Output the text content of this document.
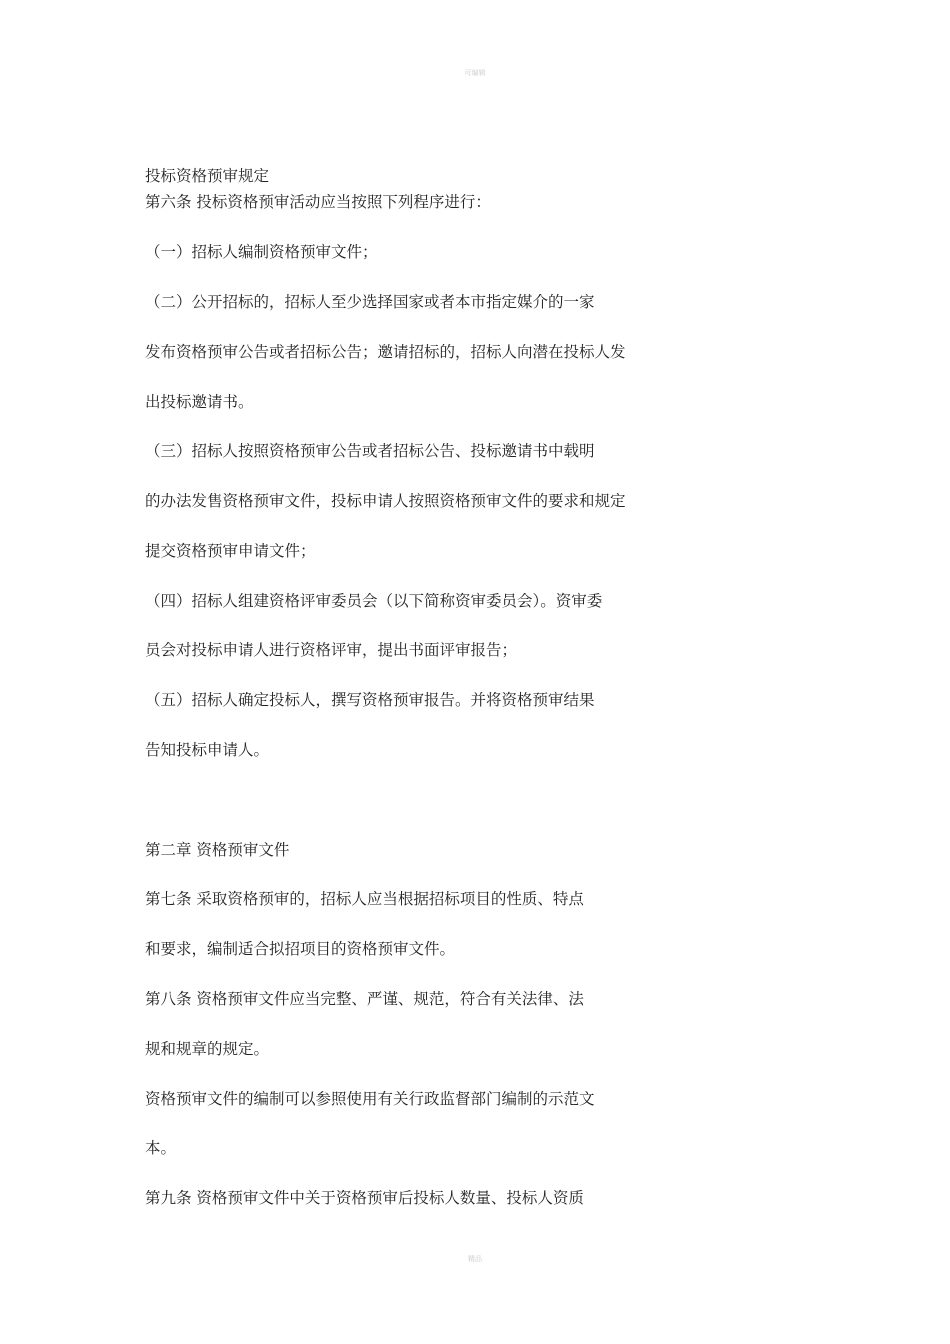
可编辑
投标资格预审规定
第六条 投标资格预审活动应当按照下列程序进行：
（一）招标人编制资格预审文件；
（二）公开招标的，招标人至少选择国家或者本市指定媒介的一家
发布资格预审公告或者招标公告；邀请招标的，招标人向潜在投标人发
出投标邀请书。
（三）招标人按照资格预审公告或者招标公告、投标邀请书中载明
的办法发售资格预审文件，投标申请人按照资格预审文件的要求和规定
提交资格预审申请文件；
（四）招标人组建资格评审委员会（以下简称资审委员会）。资审委
员会对投标申请人进行资格评审，提出书面评审报告；
（五）招标人确定投标人，撰写资格预审报告。并将资格预审结果
告知投标申请人。
第二章 资格预审文件
第七条 采取资格预审的，招标人应当根据招标项目的性质、特点
和要求，编制适合拟招项目的资格预审文件。
第八条 资格预审文件应当完整、严谨、规范，符合有关法律、法
规和规章的规定。
资格预审文件的编制可以参照使用有关行政监督部门编制的示范文
本。
第九条 资格预审文件中关于资格预审后投标人数量、投标人资质
精品
